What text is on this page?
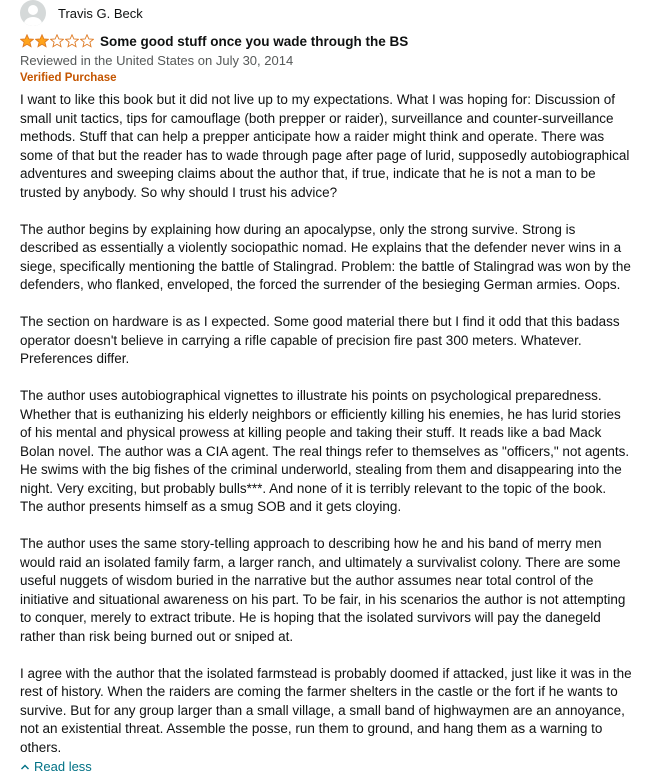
Travis G. Beck
Some good stuff once you wade through the BS
Reviewed in the United States on July 30, 2014
Verified Purchase

I want to like this book but it did not live up to my expectations. What I was hoping for: Discussion of small unit tactics, tips for camouflage (both prepper or raider), surveillance and counter-surveillance methods. Stuff that can help a prepper anticipate how a raider might think and operate. There was some of that but the reader has to wade through page after page of lurid, supposedly autobiographical adventures and sweeping claims about the author that, if true, indicate that he is not a man to be trusted by anybody. So why should I trust his advice?

The author begins by explaining how during an apocalypse, only the strong survive. Strong is described as essentially a violently sociopathic nomad. He explains that the defender never wins in a siege, specifically mentioning the battle of Stalingrad. Problem: the battle of Stalingrad was won by the defenders, who flanked, enveloped, the forced the surrender of the besieging German armies. Oops.

The section on hardware is as I expected. Some good material there but I find it odd that this badass operator doesn't believe in carrying a rifle capable of precision fire past 300 meters. Whatever. Preferences differ.

The author uses autobiographical vignettes to illustrate his points on psychological preparedness. Whether that is euthanizing his elderly neighbors or efficiently killing his enemies, he has lurid stories of his mental and physical prowess at killing people and taking their stuff. It reads like a bad Mack Bolan novel. The author was a CIA agent. The real things refer to themselves as "officers," not agents. He swims with the big fishes of the criminal underworld, stealing from them and disappearing into the night. Very exciting, but probably bulls***. And none of it is terribly relevant to the topic of the book. The author presents himself as a smug SOB and it gets cloying.

The author uses the same story-telling approach to describing how he and his band of merry men would raid an isolated family farm, a larger ranch, and ultimately a survivalist colony. There are some useful nuggets of wisdom buried in the narrative but the author assumes near total control of the initiative and situational awareness on his part. To be fair, in his scenarios the author is not attempting to conquer, merely to extract tribute. He is hoping that the isolated survivors will pay the danegeld rather than risk being burned out or sniped at.

I agree with the author that the isolated farmstead is probably doomed if attacked, just like it was in the rest of history. When the raiders are coming the farmer shelters in the castle or the fort if he wants to survive. But for any group larger than a small village, a small band of highwaymen are an annoyance, not an existential threat. Assemble the posse, run them to ground, and hang them as a warning to others.

Read less
